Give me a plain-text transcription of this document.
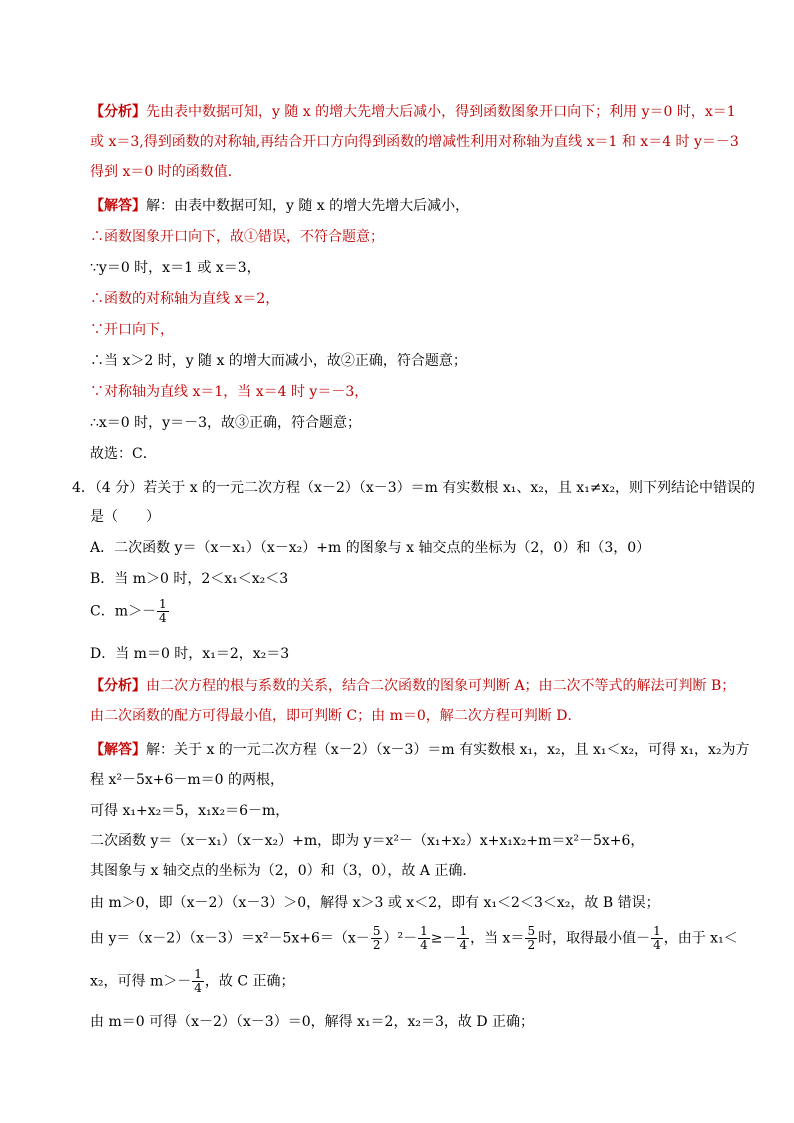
【分析】先由表中数据可知，y 随 x 的增大先增大后减小，得到函数图象开口向下；利用 y＝0 时，x＝1
或 x＝3,得到函数的对称轴,再结合开口方向得到函数的增减性利用对称轴为直线 x＝1 和 x＝4 时 y＝－3
得到 x＝0 时的函数值．
【解答】解：由表中数据可知，y 随 x 的增大先增大后减小，
∴函数图象开口向下，故①错误，不符合题意；
∵y＝0 时，x＝1 或 x＝3，
∴函数的对称轴为直线 x＝2，
∵开口向下，
∴当 x＞2 时，y 随 x 的增大而减小，故②正确，符合题意；
∵对称轴为直线 x＝1，当 x＝4 时 y＝－3，
∴x＝0 时，y＝－3，故③正确，符合题意；
故选：C．
4．（4 分）若关于 x 的一元二次方程（x－2）（x－3）＝m 有实数根 x₁、x₂，且 x₁≠x₂，则下列结论中错误的
是（　　）
A．二次函数 y＝（x－x₁）（x－x₂）+m 的图象与 x 轴交点的坐标为（2，0）和（3，0）
B．当 m＞0 时，2＜x₁＜x₂＜3
C．$m>- \frac{1}{4}$
D．当 m＝0 时，x₁＝2，x₂＝3
【分析】由二次方程的根与系数的关系，结合二次函数的图象可判断 A；由二次不等式的解法可判断 B；
由二次函数的配方可得最小值，即可判断 C；由 m＝0，解二次方程可判断 D．
【解答】解：关于 x 的一元二次方程（x－2）（x－3）＝m 有实数根 x₁，x₂，且 x₁＜x₂，可得 x₁，x₂为方
程 x²－5x+6－m＝0 的两根，
可得 x₁+x₂＝5，x₁x₂＝6－m，
二次函数 y＝（x－x₁）（x－x₂）+m，即为 y＝x²－（x₁+x₂）x+x₁x₂+m＝x²－5x+6，
其图象与 x 轴交点的坐标为（2，0）和（3，0），故 A 正确．
由 m＞0，即（x－2）（x－3）＞0，解得 x＞3 或 x＜2，即有 x₁＜2＜3＜x₂，故 B 错误；
由 $y=(x-2)(x-3)=x^2-5x+6=(x- \frac{5}{2} )^2- \frac{1}{4} \ge- \frac{1}{4}$ ，当 $x= \frac{5}{2}$ 时，取得最小值－ $\frac{1}{4}$ ，由于 x₁＜
x₂，可得 $m>- \frac{1}{4}$ ，故 C 正确；
由 m＝0 可得（x－2）（x－3）＝0，解得 x₁＝2，x₂＝3，故 D 正确；
